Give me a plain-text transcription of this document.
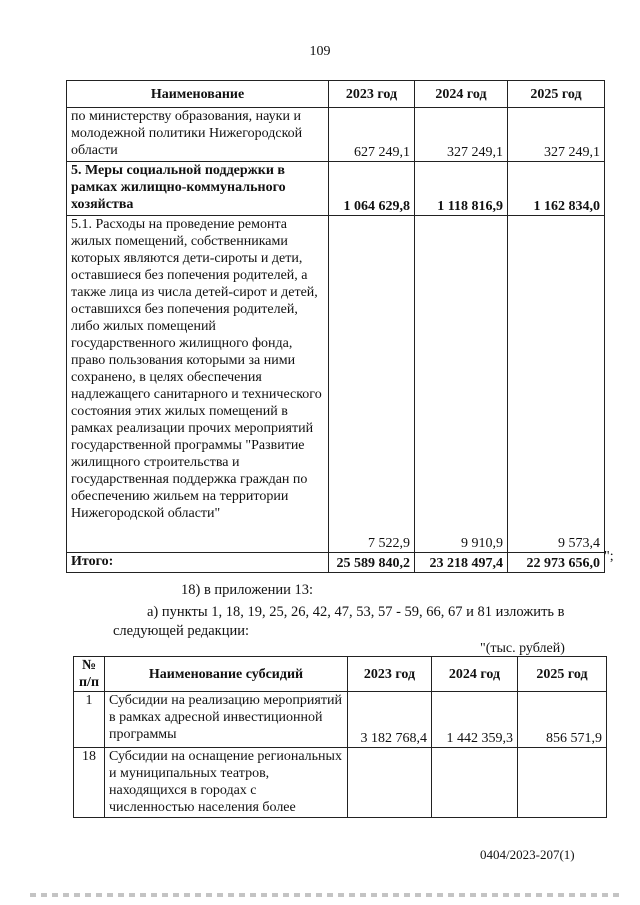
109
Наименование	2023 год	2024 год	2025 год
по министерству образования, науки и молодежной политики Нижегородской области	627 249,1	327 249,1	327 249,1
5. Меры социальной поддержки в рамках жилищно-коммунального хозяйства	1 064 629,8	1 118 816,9	1 162 834,0
5.1. Расходы на проведение ремонта жилых помещений, собственниками которых являются дети-сироты и дети, оставшиеся без попечения родителей, а также лица из числа детей-сирот и детей, оставшихся без попечения родителей, либо жилых помещений государственного жилищного фонда, право пользования которыми за ними сохранено, в целях обеспечения надлежащего санитарного и технического состояния этих жилых помещений в рамках реализации прочих мероприятий государственной программы "Развитие жилищного строительства и государственная поддержка граждан по обеспечению жильем на территории Нижегородской области"	7 522,9	9 910,9	9 573,4
Итого:	25 589 840,2	23 218 497,4	22 973 656,0 ";
18) в приложении 13:
а) пункты 1, 18, 19, 25, 26, 42, 47, 53, 57 - 59, 66, 67 и 81 изложить в
следующей редакции:
"(тыс. рублей)
№ п/п	Наименование субсидий	2023 год	2024 год	2025 год
1	Субсидии на реализацию мероприятий в рамках адресной инвестиционной программы	3 182 768,4	1 442 359,3	856 571,9
18	Субсидии на оснащение региональных и муниципальных театров, находящихся в городах с численностью населения более			
0404/2023-207(1)
